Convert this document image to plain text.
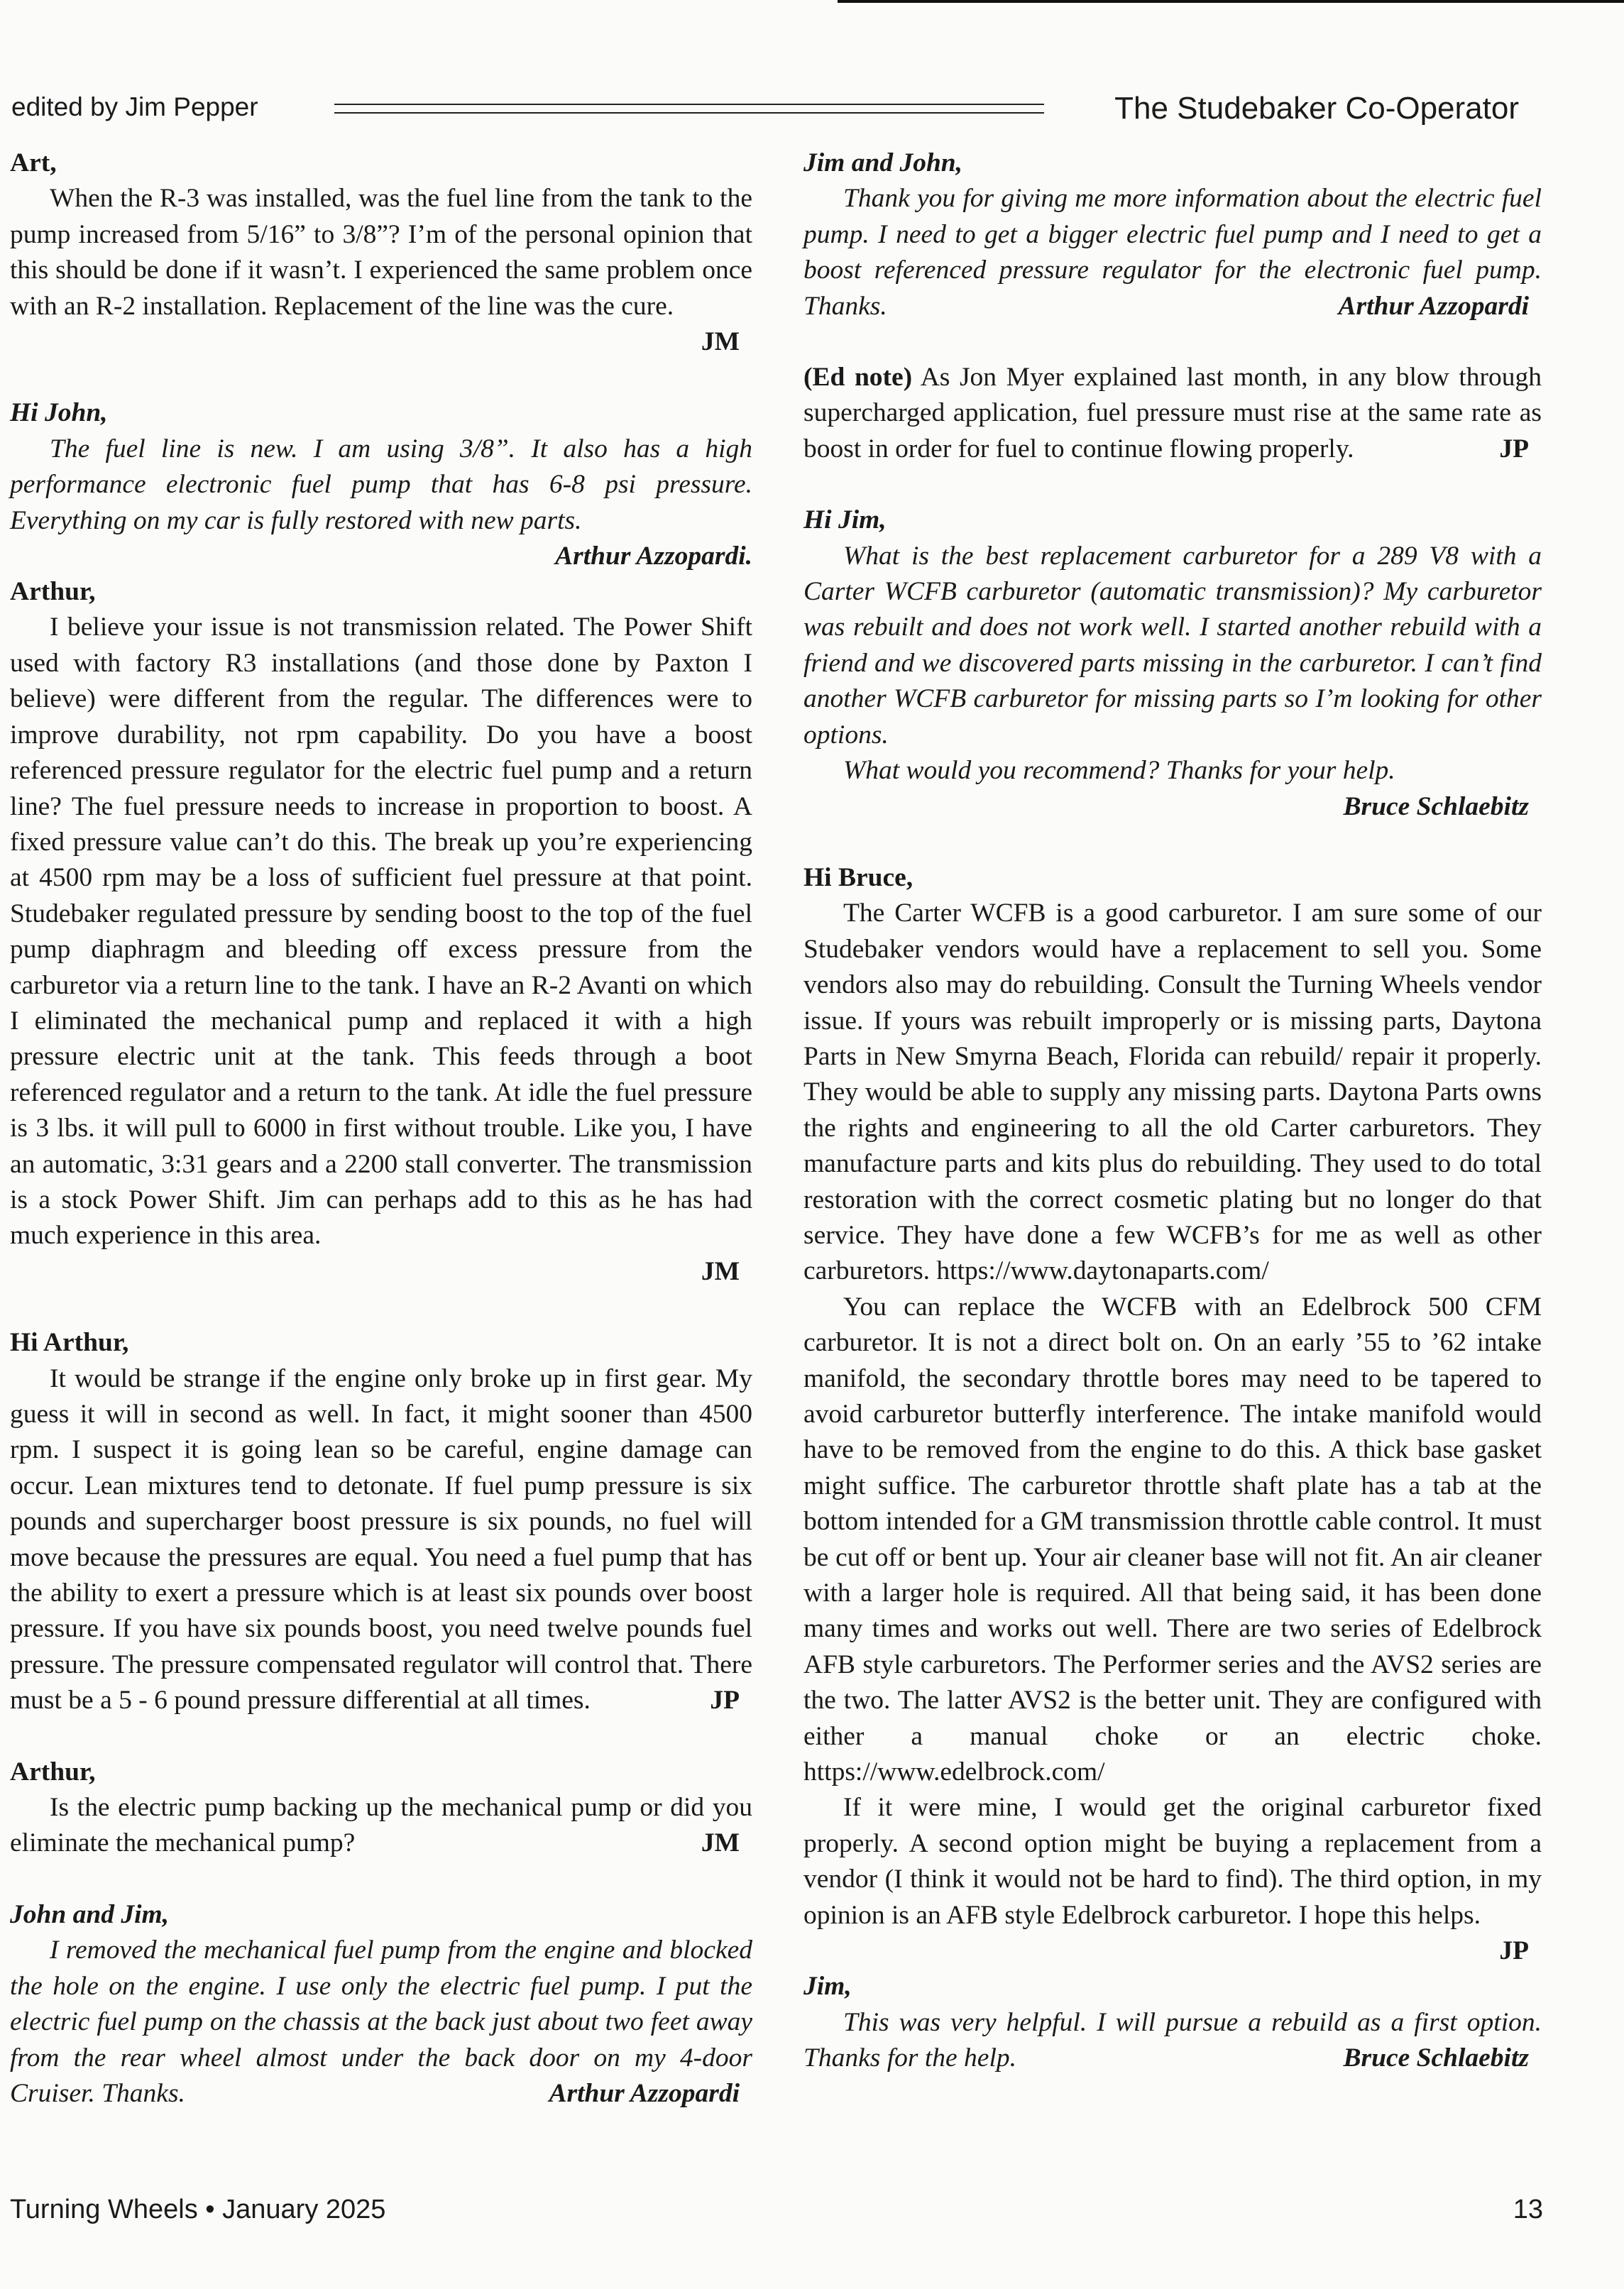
edited by Jim Pepper	The Studebaker Co-Operator

Art,

When the R-3 was installed, was the fuel line from the tank to the pump increased from 5/16” to 3/8”? I’m of the personal opinion that this should be done if it wasn’t. I experienced the same problem once with an R-2 installation. Replacement of the line was the cure.

JM

Hi John,

The fuel line is new. I am using 3/8”. It also has a high performance electronic fuel pump that has 6-8 psi pressure. Everything on my car is fully restored with new parts.
Arthur Azzopardi.

Arthur,

I believe your issue is not transmission related. The Power Shift used with factory R3 installations (and those done by Paxton I believe) were different from the regular. The differences were to improve durability, not rpm capability. Do you have a boost referenced pressure regulator for the electric fuel pump and a return line? The fuel pressure needs to increase in proportion to boost. A fixed pressure value can’t do this. The break up you’re experiencing at 4500 rpm may be a loss of sufficient fuel pressure at that point. Studebaker regulated pressure by sending boost to the top of the fuel pump diaphragm and bleeding off excess pressure from the carburetor via a return line to the tank. I have an R-2 Avanti on which I eliminated the mechanical pump and replaced it with a high pressure electric unit at the tank. This feeds through a boot referenced regulator and a return to the tank. At idle the fuel pressure is 3 lbs. it will pull to 6000 in first without trouble. Like you, I have an automatic, 3:31 gears and a 2200 stall converter. The transmission is a stock Power Shift. Jim can perhaps add to this as he has had much experience in this area.

JM

Hi Arthur,

It would be strange if the engine only broke up in first gear. My guess it will in second as well. In fact, it might sooner than 4500 rpm. I suspect it is going lean so be careful, engine damage can occur. Lean mixtures tend to detonate. If fuel pump pressure is six pounds and supercharger boost pressure is six pounds, no fuel will move because the pressures are equal. You need a fuel pump that has the ability to exert a pressure which is at least six pounds over boost pressure. If you have six pounds boost, you need twelve pounds fuel pressure. The pressure compensated regulator will control that. There must be a 5 - 6 pound pressure differential at all times.	JP

Arthur,

Is the electric pump backing up the mechanical pump or did you eliminate the mechanical pump?	JM

John and Jim,

I removed the mechanical fuel pump from the engine and blocked the hole on the engine. I use only the electric fuel pump. I put the electric fuel pump on the chassis at the back just about two feet away from the rear wheel almost under the back door on my 4-door Cruiser. Thanks.	Arthur Azzopardi

Jim and John,

Thank you for giving me more information about the electric fuel pump. I need to get a bigger electric fuel pump and I need to get a boost referenced pressure regulator for the electronic fuel pump. Thanks.	Arthur Azzopardi

(Ed note) As Jon Myer explained last month, in any blow through supercharged application, fuel pressure must rise at the same rate as boost in order for fuel to continue flowing properly.	JP

Hi Jim,

What is the best replacement carburetor for a 289 V8 with a Carter WCFB carburetor (automatic transmission)? My carburetor was rebuilt and does not work well. I started another rebuild with a friend and we discovered parts missing in the carburetor. I can’t find another WCFB carburetor for missing parts so I’m looking for other options.

What would you recommend? Thanks for your help.

Bruce Schlaebitz

Hi Bruce,

The Carter WCFB is a good carburetor. I am sure some of our Studebaker vendors would have a replacement to sell you. Some vendors also may do rebuilding. Consult the Turning Wheels vendor issue. If yours was rebuilt improperly or is missing parts, Daytona Parts in New Smyrna Beach, Florida can rebuild/ repair it properly. They would be able to supply any missing parts. Daytona Parts owns the rights and engineering to all the old Carter carburetors. They manufacture parts and kits plus do rebuilding. They used to do total restoration with the correct cosmetic plating but no longer do that service. They have done a few WCFB’s for me as well as other carburetors. https://www.daytonaparts.com/

You can replace the WCFB with an Edelbrock 500 CFM carburetor. It is not a direct bolt on. On an early ’55 to ’62 intake manifold, the secondary throttle bores may need to be tapered to avoid carburetor butterfly interference. The intake manifold would have to be removed from the engine to do this. A thick base gasket might suffice. The carburetor throttle shaft plate has a tab at the bottom intended for a GM transmission throttle cable control. It must be cut off or bent up. Your air cleaner base will not fit. An air cleaner with a larger hole is required. All that being said, it has been done many times and works out well. There are two series of Edelbrock AFB style carburetors. The Performer series and the AVS2 series are the two. The latter AVS2 is the better unit. They are configured with either a manual choke or an electric choke. https://www.edelbrock.com/

If it were mine, I would get the original carburetor fixed properly. A second option might be buying a replacement from a vendor (I think it would not be hard to find). The third option, in my opinion is an AFB style Edelbrock carburetor. I hope this helps.
JP

Jim,

This was very helpful. I will pursue a rebuild as a first option. Thanks for the help.	Bruce Schlaebitz

Turning Wheels • January 2025	13
